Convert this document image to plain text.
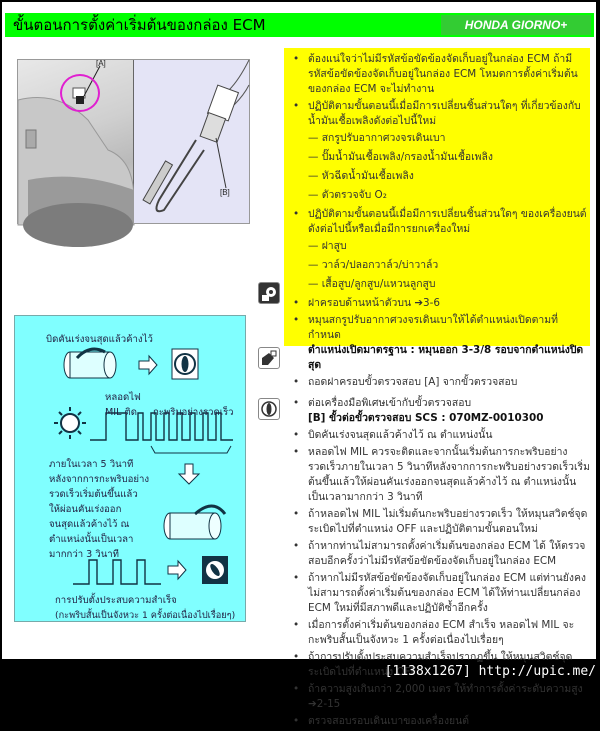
ขั้นตอนการตั้งค่าเริ่มต้นของกล่อง ECM	HONDA GIORNO+
[A]
[B]
• ต้องแน่ใจว่าไม่มีรหัสข้อขัดข้องจัดเก็บอยู่ในกล่อง ECM ถ้ามีรหัสข้อขัดข้องจัดเก็บอยู่ในกล่อง ECM โหมดการตั้งค่าเริ่มต้นของกล่อง ECM จะไม่ทำงาน
• ปฏิบัติตามขั้นตอนนี้เมื่อมีการเปลี่ยนชิ้นส่วนใดๆ ที่เกี่ยวข้องกับน้ำมันเชื้อเพลิงดังต่อไปนี้ใหม่
— สกรูปรับอากาศวงจรเดินเบา
— ปั๊มน้ำมันเชื้อเพลิง/กรองน้ำมันเชื้อเพลิง
— หัวฉีดน้ำมันเชื้อเพลิง
— ตัวตรวจจับ O₂
• ปฏิบัติตามขั้นตอนนี้เมื่อมีการเปลี่ยนชิ้นส่วนใดๆ ของเครื่องยนต์ดังต่อไปนี้หรือเมื่อมีการยกเครื่องใหม่
— ฝาสูบ
— วาล์ว/ปลอกวาล์ว/บ่าวาล์ว
— เสื้อสูบ/ลูกสูบ/แหวนลูกสูบ
• ฝาครอบด้านหน้าตัวบน ➔3-6
• หมุนสกรูปรับอากาศวงจรเดินเบาให้ได้ตำแหน่งเปิดตามที่กำหนด
ตำแหน่งเปิดมาตรฐาน : หมุนออก 3-3/8 รอบจากตำแหน่งปิดสุด
• ถอดฝาครอบขั้วตรวจสอบ [A] จากขั้วตรวจสอบ
• ต่อเครื่องมือพิเศษเข้ากับขั้วตรวจสอบ
[B] ขั้วต่อขั้วตรวจสอบ SCS : 070MZ-0010300
• บิดคันเร่งจนสุดแล้วค้างไว้ ณ ตำแหน่งนั้น
• หลอดไฟ MIL ควรจะติดและจากนั้นเริ่มต้นการกะพริบอย่างรวดเร็วภายในเวลา 5 วินาทีหลังจากการกะพริบอย่างรวดเร็วเริ่มต้นขึ้นแล้วให้ผ่อนคันเร่งออกจนสุดแล้วค้างไว้ ณ ตำแหน่งนั้นเป็นเวลามากกว่า 3 วินาที
• ถ้าหลอดไฟ MIL ไม่เริ่มต้นกะพริบอย่างรวดเร็ว ให้หมุนสวิตช์จุดระเบิดไปที่ตำแหน่ง OFF และปฏิบัติตามขั้นตอนใหม่
• ถ้าหากท่านไม่สามารถตั้งค่าเริ่มต้นของกล่อง ECM ได้ ให้ตรวจสอบอีกครั้งว่าไม่มีรหัสข้อขัดข้องจัดเก็บอยู่ในกล่อง ECM
• ถ้าหากไม่มีรหัสข้อขัดข้องจัดเก็บอยู่ในกล่อง ECM แต่ท่านยังคงไม่สามารถตั้งค่าเริ่มต้นของกล่อง ECM ได้ให้ท่านเปลี่ยนกล่อง ECM ใหม่ที่มีสภาพดีและปฏิบัติซ้ำอีกครั้ง
• เมื่อการตั้งค่าเริ่มต้นของกล่อง ECM สำเร็จ หลอดไฟ MIL จะกะพริบสั้นเป็นจังหวะ 1 ครั้งต่อเนื่องไปเรื่อยๆ
• ถ้าการปรับตั้งประสบความสำเร็จปรากฏขึ้น ให้หมุนสวิตช์จุดระเบิดไปที่ตำแหน่ง OFF
• ถ้าความสูงเกินกว่า 2,000 เมตร ให้ทำการตั้งค่าระดับความสูง ➔2-15
• ตรวจสอบรอบเดินเบาของเครื่องยนต์
บิดคันเร่งจนสุดแล้วค้างไว้
หลอดไฟ
MIL ติด กะพริบอย่างรวดเร็ว
ภายในเวลา 5 วินาที
หลังจากการกะพริบอย่าง
รวดเร็วเริ่มต้นขึ้นแล้ว
ให้ผ่อนคันเร่งออก
จนสุดแล้วค้างไว้ ณ
ตำแหน่งนั้นเป็นเวลา
มากกว่า 3 วินาที
การปรับตั้งประสบความสำเร็จ
(กะพริบสั้นเป็นจังหวะ 1 ครั้งต่อเนื่องไปเรื่อยๆ)
[1138x1267] http://upic.me/
